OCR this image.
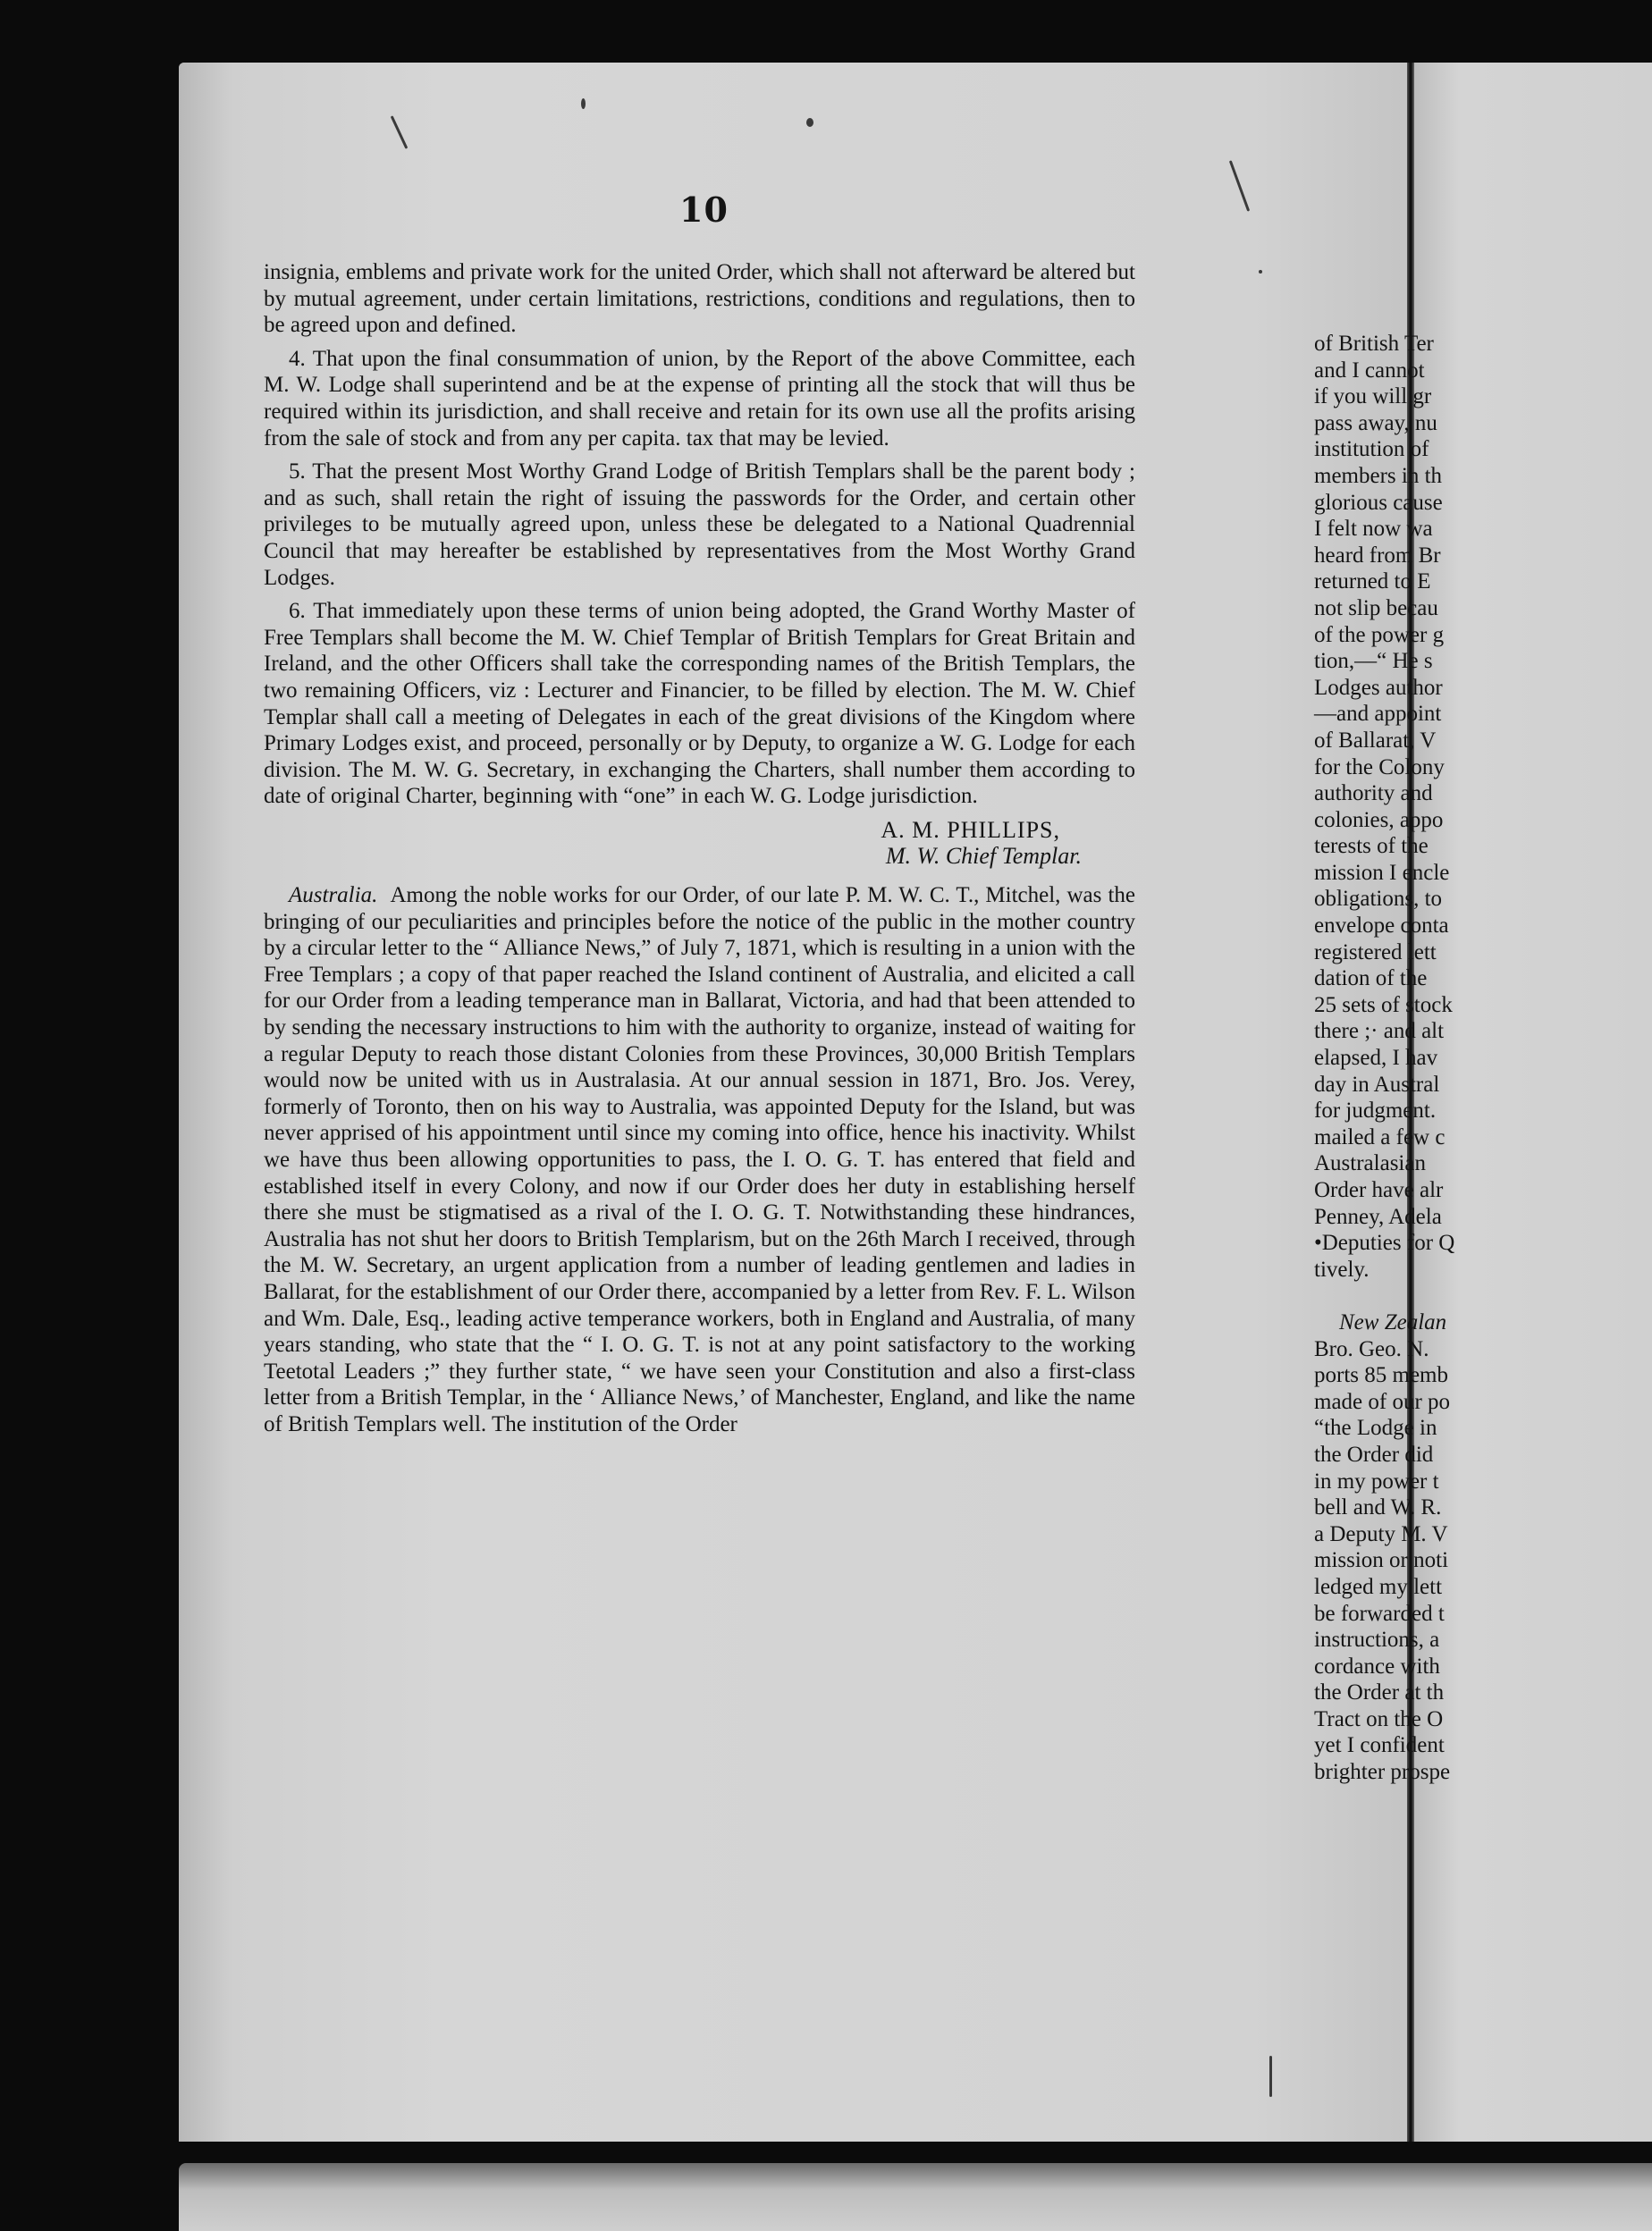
10

insignia, emblems and private work for the united Order, which shall not afterward be altered but by mutual agreement, under certain limitations, restrictions, conditions and regulations, then to be agreed upon and defined.

4. That upon the final consummation of union, by the Report of the above Committee, each M. W. Lodge shall superintend and be at the expense of printing all the stock that will thus be required within its jurisdiction, and shall receive and retain for its own use all the profits arising from the sale of stock and from any per capita. tax that may be levied.

5. That the present Most Worthy Grand Lodge of British Templars shall be the parent body ; and as such, shall retain the right of issuing the passwords for the Order, and certain other privileges to be mutually agreed upon, unless these be delegated to a National Quadrennial Council that may hereafter be established by representatives from the Most Worthy Grand Lodges.

6. That immediately upon these terms of union being adopted, the Grand Worthy Master of Free Templars shall become the M. W. Chief Templar of British Templars for Great Britain and Ireland, and the other Officers shall take the corresponding names of the British Templars, the two remaining Officers, viz : Lecturer and Financier, to be filled by election. The M. W. Chief Templar shall call a meeting of Delegates in each of the great divisions of the Kingdom where Primary Lodges exist, and proceed, personally or by Deputy, to organize a W. G. Lodge for each division. The M. W. G. Secretary, in exchanging the Charters, shall number them according to date of original Charter, beginning with “one” in each W. G. Lodge jurisdiction.

A. M. PHILLIPS,
M. W. Chief Templar.

Australia. Among the noble works for our Order, of our late P. M. W. C. T., Mitchel, was the bringing of our peculiarities and principles before the notice of the public in the mother country by a circular letter to the “ Alliance News,” of July 7, 1871, which is resulting in a union with the Free Templars ; a copy of that paper reached the Island continent of Australia, and elicited a call for our Order from a leading temperance man in Ballarat, Victoria, and had that been attended to by sending the necessary instructions to him with the authority to organize, instead of waiting for a regular Deputy to reach those distant Colonies from these Provinces, 30,000 British Templars would now be united with us in Australasia. At our annual session in 1871, Bro. Jos. Verey, formerly of Toronto, then on his way to Australia, was appointed Deputy for the Island, but was never apprised of his appointment until since my coming into office, hence his inactivity. Whilst we have thus been allowing opportunities to pass, the I. O. G. T. has entered that field and established itself in every Colony, and now if our Order does her duty in establishing herself there she must be stigmatised as a rival of the I. O. G. T. Notwithstanding these hindrances, Australia has not shut her doors to British Templarism, but on the 26th March I received, through the M. W. Secretary, an urgent application from a number of leading gentlemen and ladies in Ballarat, for the establishment of our Order there, accompanied by a letter from Rev. F. L. Wilson and Wm. Dale, Esq., leading active temperance workers, both in England and Australia, of many years standing, who state that the “ I. O. G. T. is not at any point satisfactory to the working Teetotal Leaders ;” they further state, “ we have seen your Constitution and also a first-class letter from a British Templar, in the ‘ Alliance News,’ of Manchester, England, and like the name of British Templars well. The institution of the Order

of British Ter
and I cannot
if you will gr
pass away, nu
institution of
members in th
glorious cause
I felt now wa
heard from Br
returned to E
not slip becau
of the power g
tion,—“ He s
Lodges author
—and appoint
of Ballarat, V
for the Colony
authority and
colonies, appo
terests of the
mission I encle
obligations, to
envelope conta
registered lett
dation of the
25 sets of stock
there ;· and alt
elapsed, I hav
day in Austral
for judgment.
mailed a few c
Australasian
Order have alr
Penney, Adela
•Deputies for Q
tively.
New Zealan
Bro. Geo. N.
ports 85 memb
made of our po
“the Lodge in
the Order did
in my power t
bell and W. R.
a Deputy M. V
mission or noti
ledged my lett
be forwarded t
instructions, a
cordance with
the Order at th
Tract on the O
yet I confident
brighter prospe
